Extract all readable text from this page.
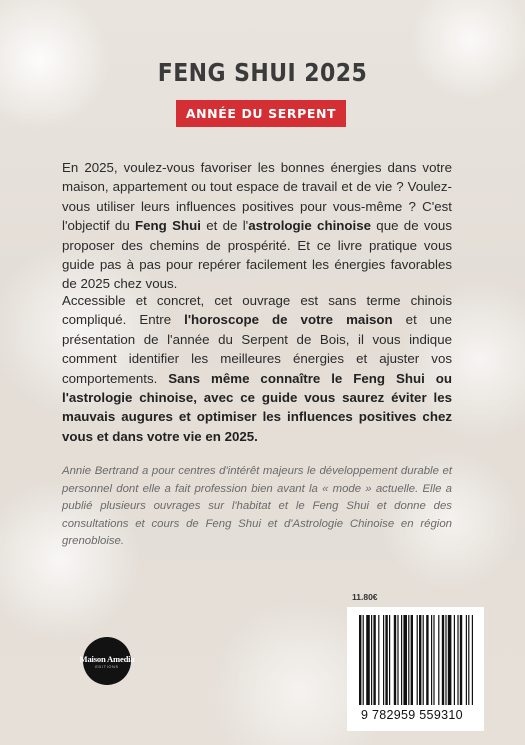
FENG SHUI 2025
ANNÉE DU SERPENT

En 2025, voulez-vous favoriser les bonnes énergies dans votre maison, appartement ou tout espace de travail et de vie ? Voulez-vous utiliser leurs influences positives pour vous-même ? C'est l'objectif du Feng Shui et de l'astrologie chinoise que de vous proposer des chemins de prospérité. Et ce livre pratique vous guide pas à pas pour repérer facilement les énergies favorables de 2025 chez vous.

Accessible et concret, cet ouvrage est sans terme chinois compliqué. Entre l'horoscope de votre maison et une présentation de l'année du Serpent de Bois, il vous indique comment identifier les meilleures énergies et ajuster vos comportements. Sans même connaître le Feng Shui ou l'astrologie chinoise, avec ce guide vous saurez éviter les mauvais augures et optimiser les influences positives chez vous et dans votre vie en 2025.

Annie Bertrand a pour centres d'intérêt majeurs le développement durable et personnel dont elle a fait profession bien avant la « mode » actuelle. Elle a publié plusieurs ouvrages sur l'habitat et le Feng Shui et donne des consultations et cours de Feng Shui et d'Astrologie Chinoise en région grenobloise.

11.80€
Maison Amedia
EDITIONS
9 782959 559310
